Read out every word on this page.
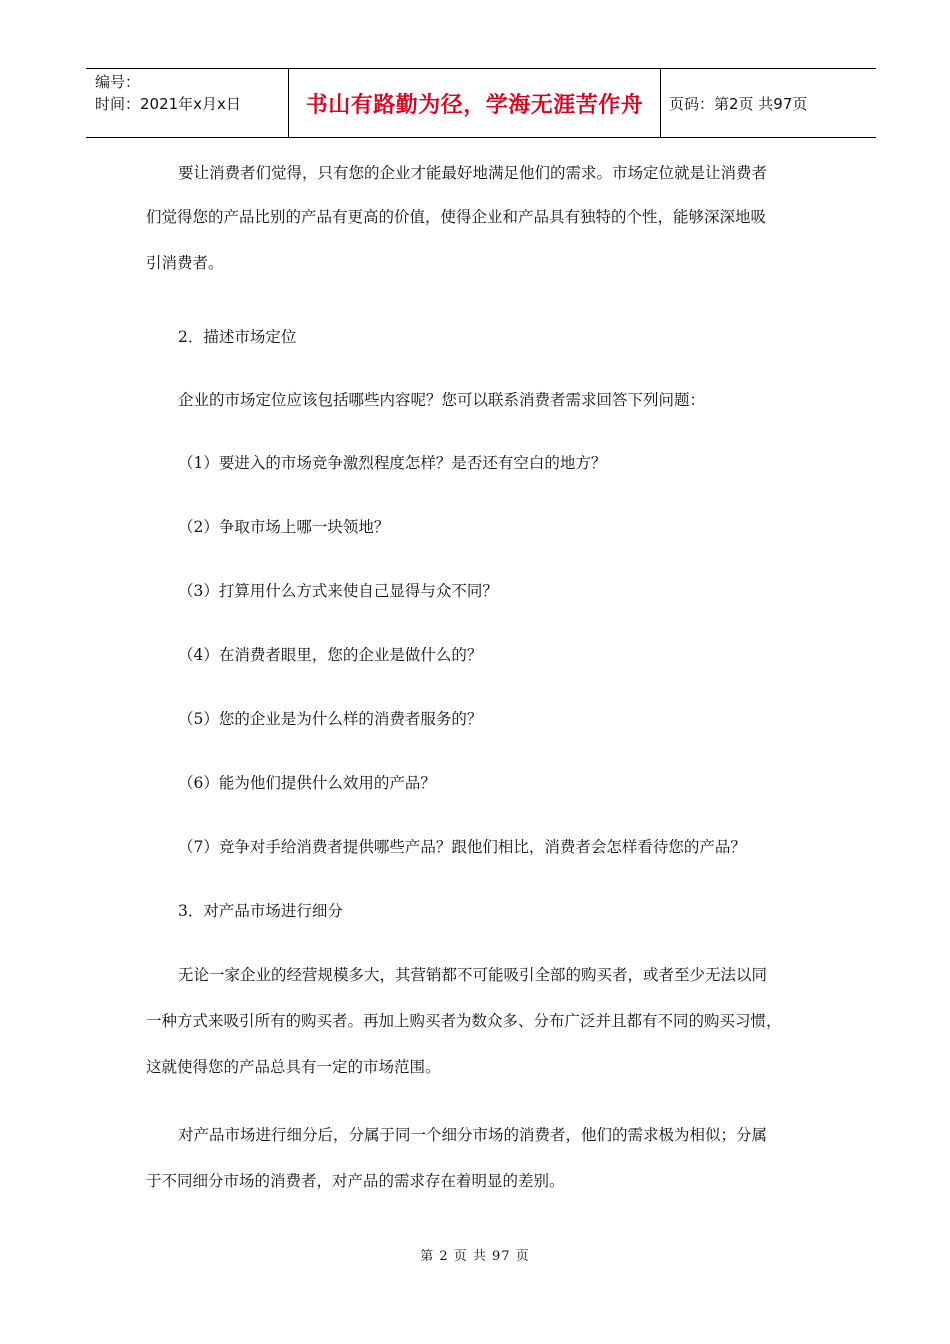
编号：
时间：2021年x月x日	书山有路勤为径，学海无涯苦作舟	页码：第2页 共97页

要让消费者们觉得，只有您的企业才能最好地满足他们的需求。市场定位就是让消费者

们觉得您的产品比别的产品有更高的价值，使得企业和产品具有独特的个性，能够深深地吸

引消费者。

2．描述市场定位

企业的市场定位应该包括哪些内容呢？您可以联系消费者需求回答下列问题：

（1）要进入的市场竞争激烈程度怎样？是否还有空白的地方？

（2）争取市场上哪一块领地？

（3）打算用什么方式来使自己显得与众不同？

（4）在消费者眼里，您的企业是做什么的？

（5）您的企业是为什么样的消费者服务的？

（6）能为他们提供什么效用的产品？

（7）竞争对手给消费者提供哪些产品？跟他们相比，消费者会怎样看待您的产品？

3．对产品市场进行细分

无论一家企业的经营规模多大，其营销都不可能吸引全部的购买者，或者至少无法以同

一种方式来吸引所有的购买者。再加上购买者为数众多、分布广泛并且都有不同的购买习惯，

这就使得您的产品总具有一定的市场范围。

对产品市场进行细分后，分属于同一个细分市场的消费者，他们的需求极为相似；分属

于不同细分市场的消费者，对产品的需求存在着明显的差别。

第 2 页 共 97 页
